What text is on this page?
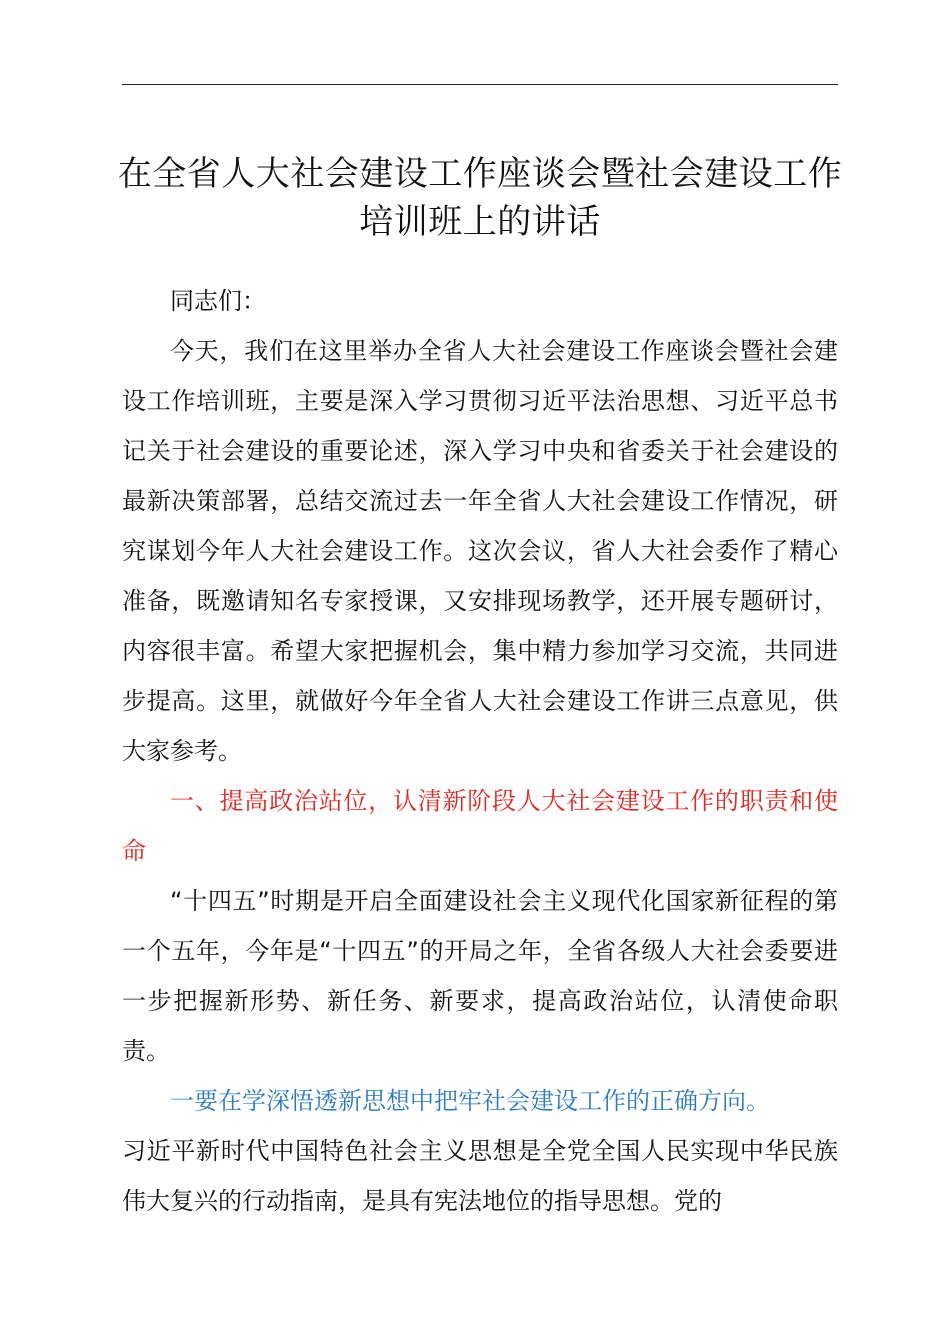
在全省人大社会建设工作座谈会暨社会建设工作培训班上的讲话

同志们：

今天，我们在这里举办全省人大社会建设工作座谈会暨社会建设工作培训班，主要是深入学习贯彻习近平法治思想、习近平总书记关于社会建设的重要论述，深入学习中央和省委关于社会建设的最新决策部署，总结交流过去一年全省人大社会建设工作情况，研究谋划今年人大社会建设工作。这次会议，省人大社会委作了精心准备，既邀请知名专家授课，又安排现场教学，还开展专题研讨，内容很丰富。希望大家把握机会，集中精力参加学习交流，共同进步提高。这里，就做好今年全省人大社会建设工作讲三点意见，供大家参考。

一、提高政治站位，认清新阶段人大社会建设工作的职责和使命

“十四五”时期是开启全面建设社会主义现代化国家新征程的第一个五年，今年是“十四五”的开局之年，全省各级人大社会委要进一步把握新形势、新任务、新要求，提高政治站位，认清使命职责。

一要在学深悟透新思想中把牢社会建设工作的正确方向。

习近平新时代中国特色社会主义思想是全党全国人民实现中华民族伟大复兴的行动指南，是具有宪法地位的指导思想。党的
